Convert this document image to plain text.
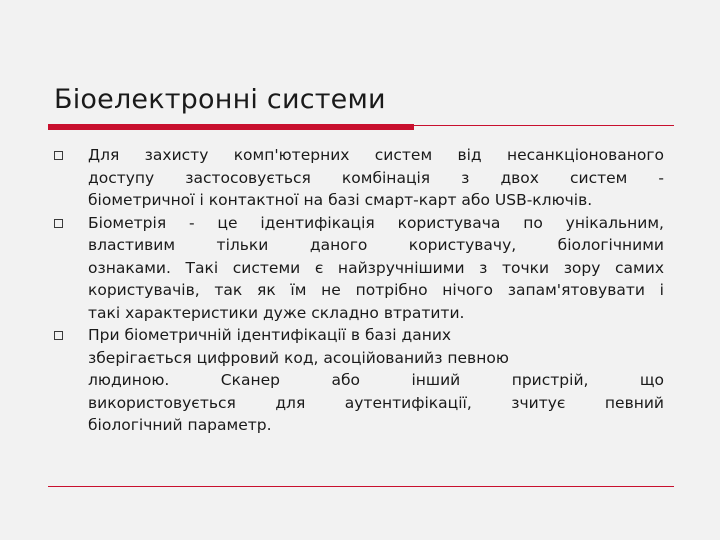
Біоелектронні системи
Для захисту комп'ютерних систем від несанкціонованого
доступу застосовується комбінація з двох систем -
біометричної і контактної на базі смарт-карт або USB-ключів.
Біометрія - це ідентифікація користувача по унікальним,
властивим тільки даного користувачу, біологічними
ознаками. Такі системи є найзручнішими з точки зору самих
користувачів, так як їм не потрібно нічого запам'ятовувати і
такі характеристики дуже складно втратити.
При біометричній ідентифікації в базі даних
зберігається цифровий код, асоційованийз певною
людиною. Сканер або інший пристрій, що
використовується для аутентифікації, зчитує певний
біологічний параметр.
